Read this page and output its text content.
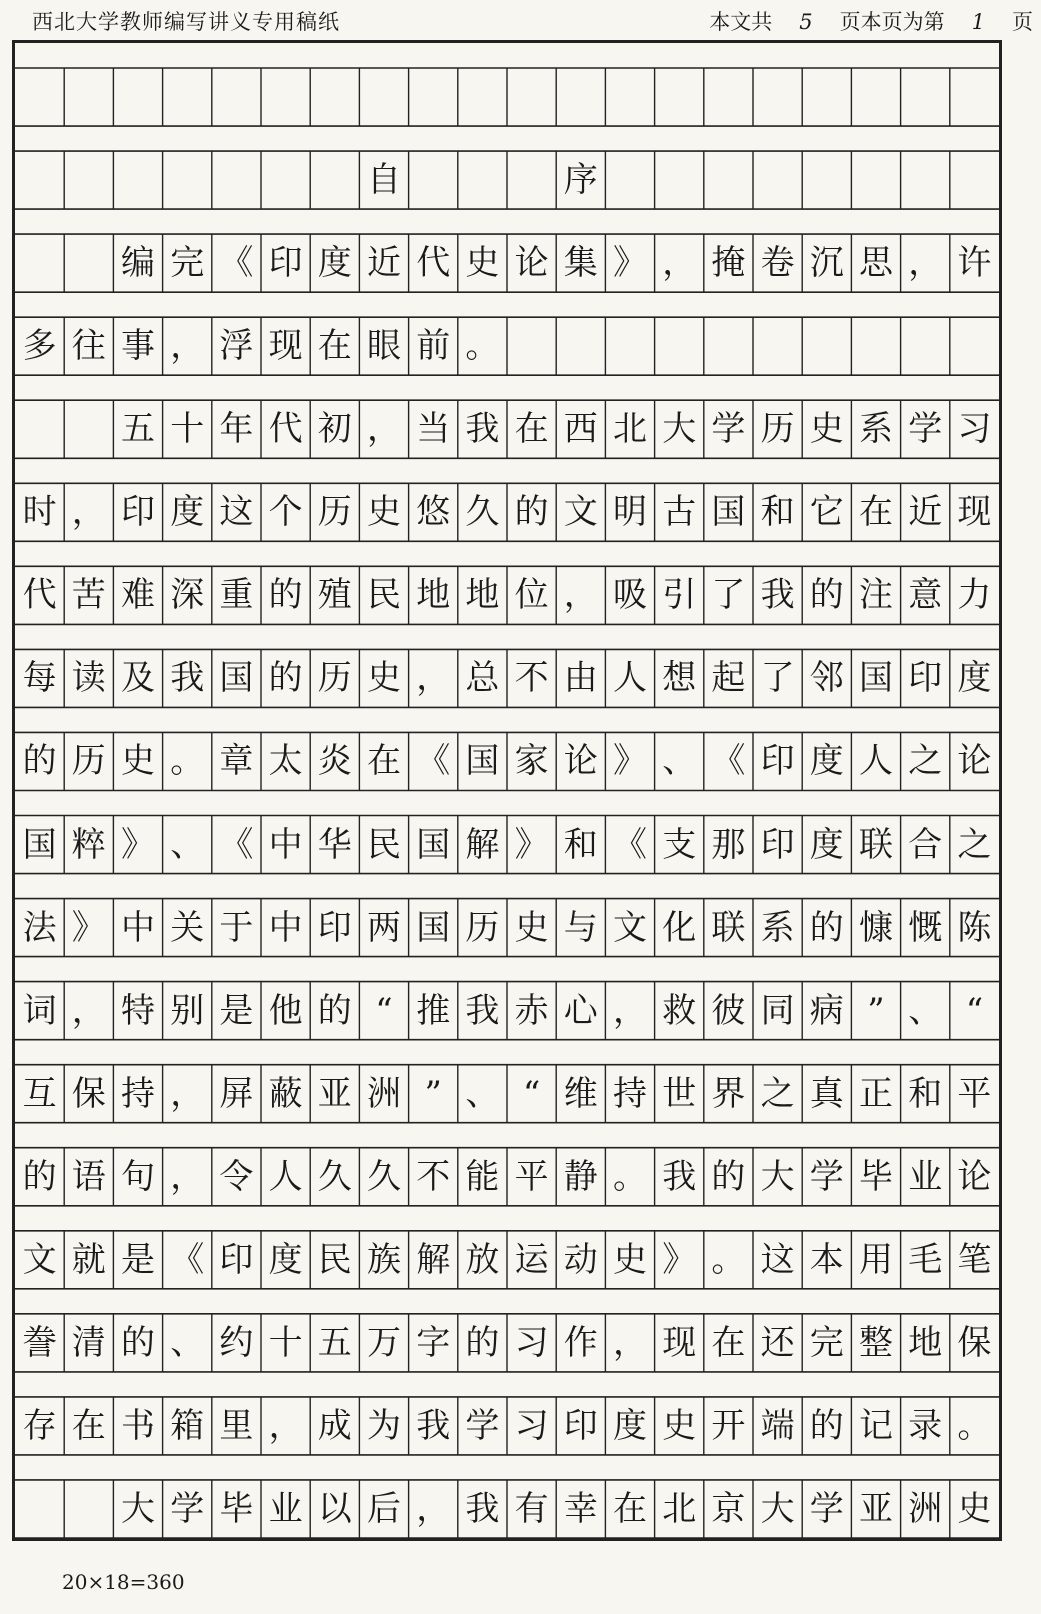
西北大学教师编写讲义专用稿纸	本文共 5 页本页为第 1 页
自	序
编 完 《 印 度 近 代 史 论 集 》 ， 掩 卷 沉 思 ， 许
多 往 事 ， 浮 现 在 眼 前 。
五 十 年 代 初 ， 当 我 在 西 北 大 学 历 史 系 学 习
时 ， 印 度 这 个 历 史 悠 久 的 文 明 古 国 和 它 在 近 现
代 苦 难 深 重 的 殖 民 地 地 位 ， 吸 引 了 我 的 注 意 力
每 读 及 我 国 的 历 史 ， 总 不 由 人 想 起 了 邻 国 印 度
的 历 史 。 章 太 炎 在 《 国 家 论 》 、 《 印 度 人 之 论
国 粹 》 、 《 中 华 民 国 解 》 和 《 支 那 印 度 联 合 之
法 》 中 关 于 中 印 两 国 历 史 与 文 化 联 系 的 慷 慨 陈
词 ， 特 别 是 他 的 “ 推 我 赤 心 ， 救 彼 同 病 ” 、 “
互 保 持 ， 屏 蔽 亚 洲 ” 、 “ 维 持 世 界 之 真 正 和 平
的 语 句 ， 令 人 久 久 不 能 平 静 。 我 的 大 学 毕 业 论
文 就 是 《 印 度 民 族 解 放 运 动 史 》 。 这 本 用 毛 笔
誊 清 的 、 约 十 五 万 字 的 习 作 ， 现 在 还 完 整 地 保
存 在 书 箱 里 ， 成 为 我 学 习 印 度 史 开 端 的 记 录 。
大 学 毕 业 以 后 ， 我 有 幸 在 北 京 大 学 亚 洲 史
20×18=360
